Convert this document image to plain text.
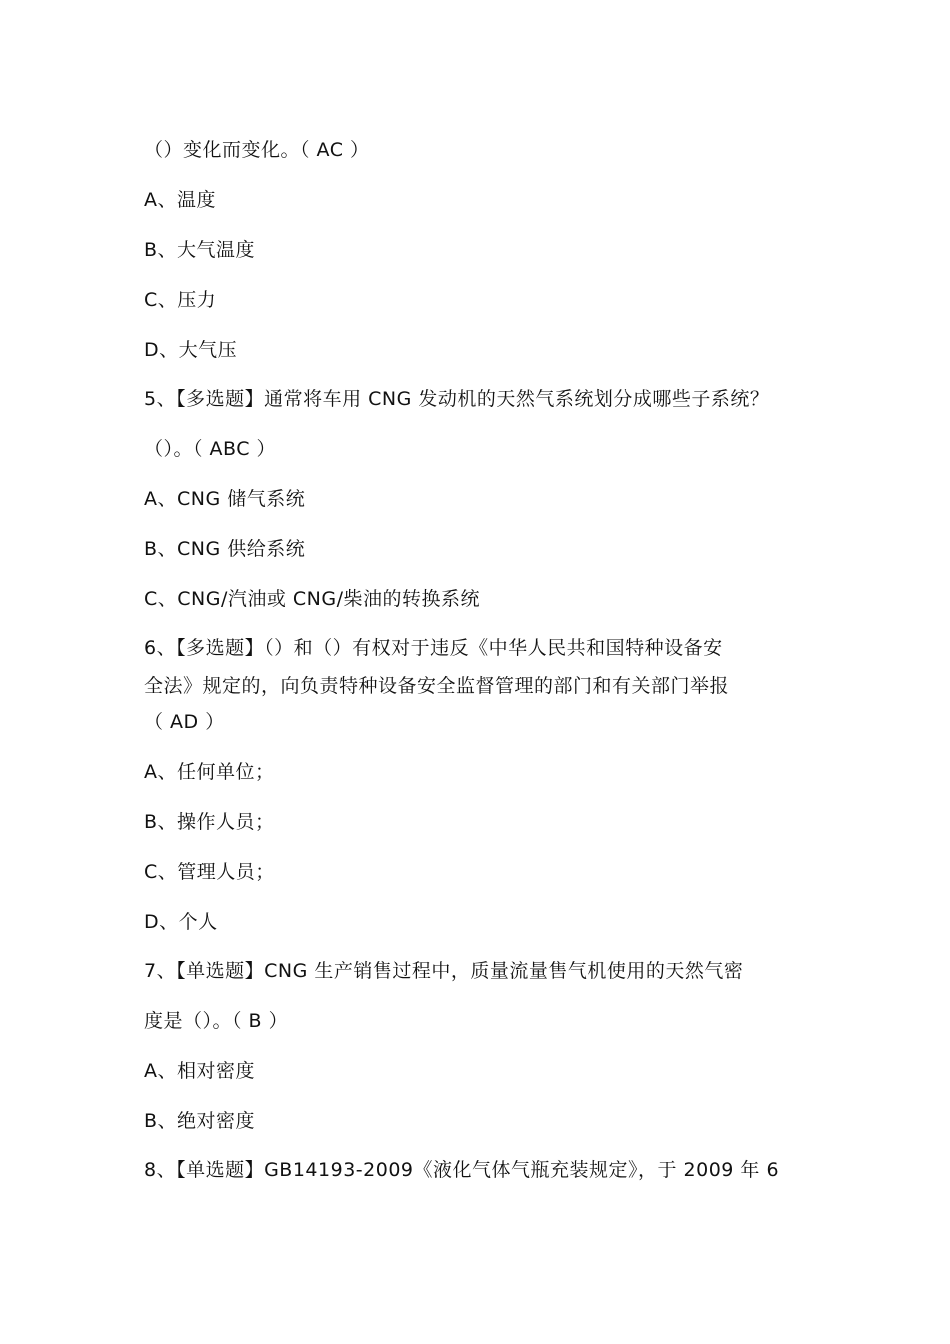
（）变化而变化。（ AC ）
A、温度
B、大气温度
C、压力
D、大气压
5、【多选题】通常将车用 CNG 发动机的天然气系统划分成哪些子系统？
（）。（ ABC ）
A、CNG 储气系统
B、CNG 供给系统
C、CNG/汽油或 CNG/柴油的转换系统
6、【多选题】（）和（）有权对于违反《中华人民共和国特种设备安
全法》规定的，向负责特种设备安全监督管理的部门和有关部门举报
（ AD ）
A、任何单位；
B、操作人员；
C、管理人员；
D、个人
7、【单选题】CNG 生产销售过程中，质量流量售气机使用的天然气密
度是（）。（ B ）
A、相对密度
B、绝对密度
8、【单选题】GB14193-2009《液化气体气瓶充装规定》，于 2009 年 6
